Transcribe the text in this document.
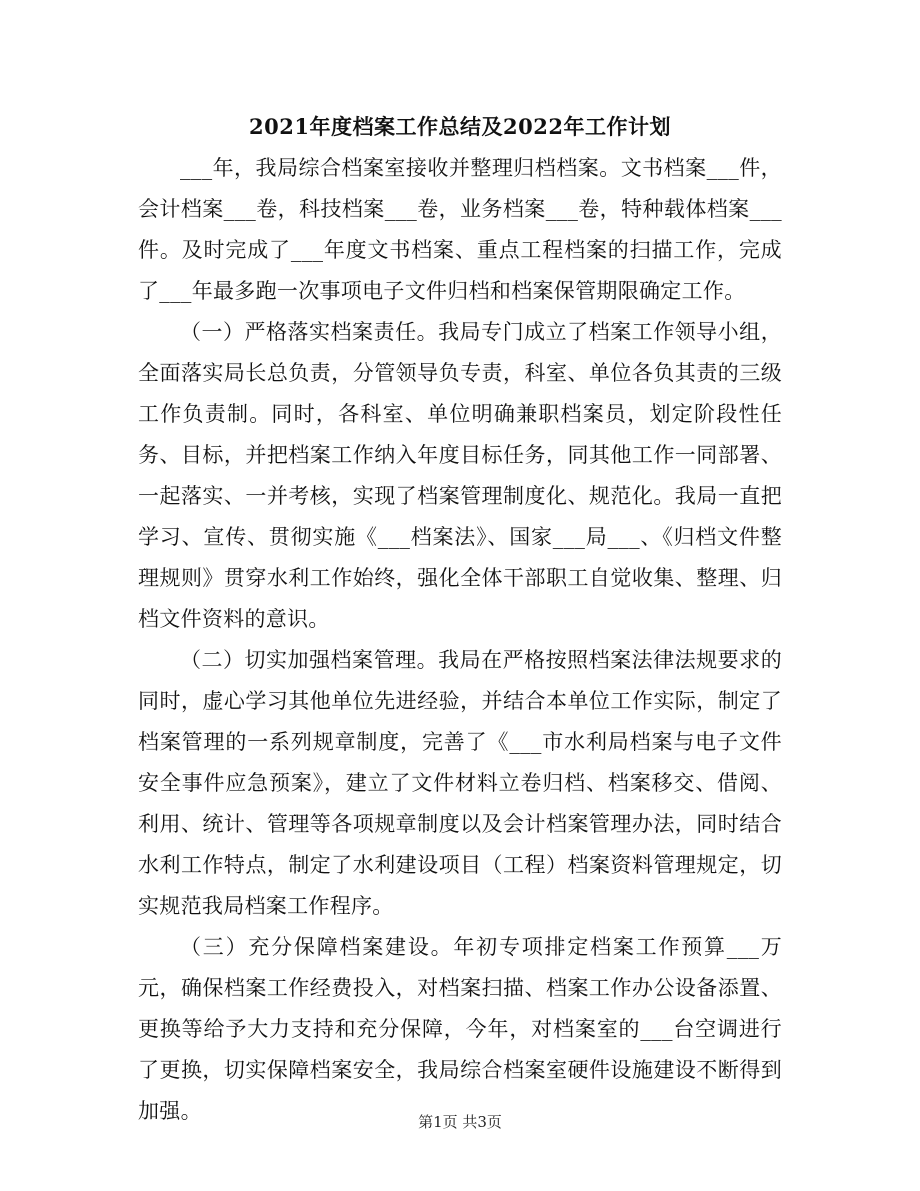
2021年度档案工作总结及2022年工作计划

___年，我局综合档案室接收并整理归档档案。文书档案___件，会计档案___卷，科技档案___卷，业务档案___卷，特种载体档案___件。及时完成了___年度文书档案、重点工程档案的扫描工作，完成了___年最多跑一次事项电子文件归档和档案保管期限确定工作。

（一）严格落实档案责任。我局专门成立了档案工作领导小组，全面落实局长总负责，分管领导负专责，科室、单位各负其责的三级工作负责制。同时，各科室、单位明确兼职档案员，划定阶段性任务、目标，并把档案工作纳入年度目标任务，同其他工作一同部署、一起落实、一并考核，实现了档案管理制度化、规范化。我局一直把学习、宣传、贯彻实施《___档案法》、国家___局___、《归档文件整理规则》贯穿水利工作始终，强化全体干部职工自觉收集、整理、归档文件资料的意识。

（二）切实加强档案管理。我局在严格按照档案法律法规要求的同时，虚心学习其他单位先进经验，并结合本单位工作实际，制定了档案管理的一系列规章制度，完善了《___市水利局档案与电子文件安全事件应急预案》，建立了文件材料立卷归档、档案移交、借阅、利用、统计、管理等各项规章制度以及会计档案管理办法，同时结合水利工作特点，制定了水利建设项目（工程）档案资料管理规定，切实规范我局档案工作程序。

（三）充分保障档案建设。年初专项排定档案工作预算___万元，确保档案工作经费投入，对档案扫描、档案工作办公设备添置、更换等给予大力支持和充分保障，今年，对档案室的___台空调进行了更换，切实保障档案安全，我局综合档案室硬件设施建设不断得到加强。	第1页 共3页
